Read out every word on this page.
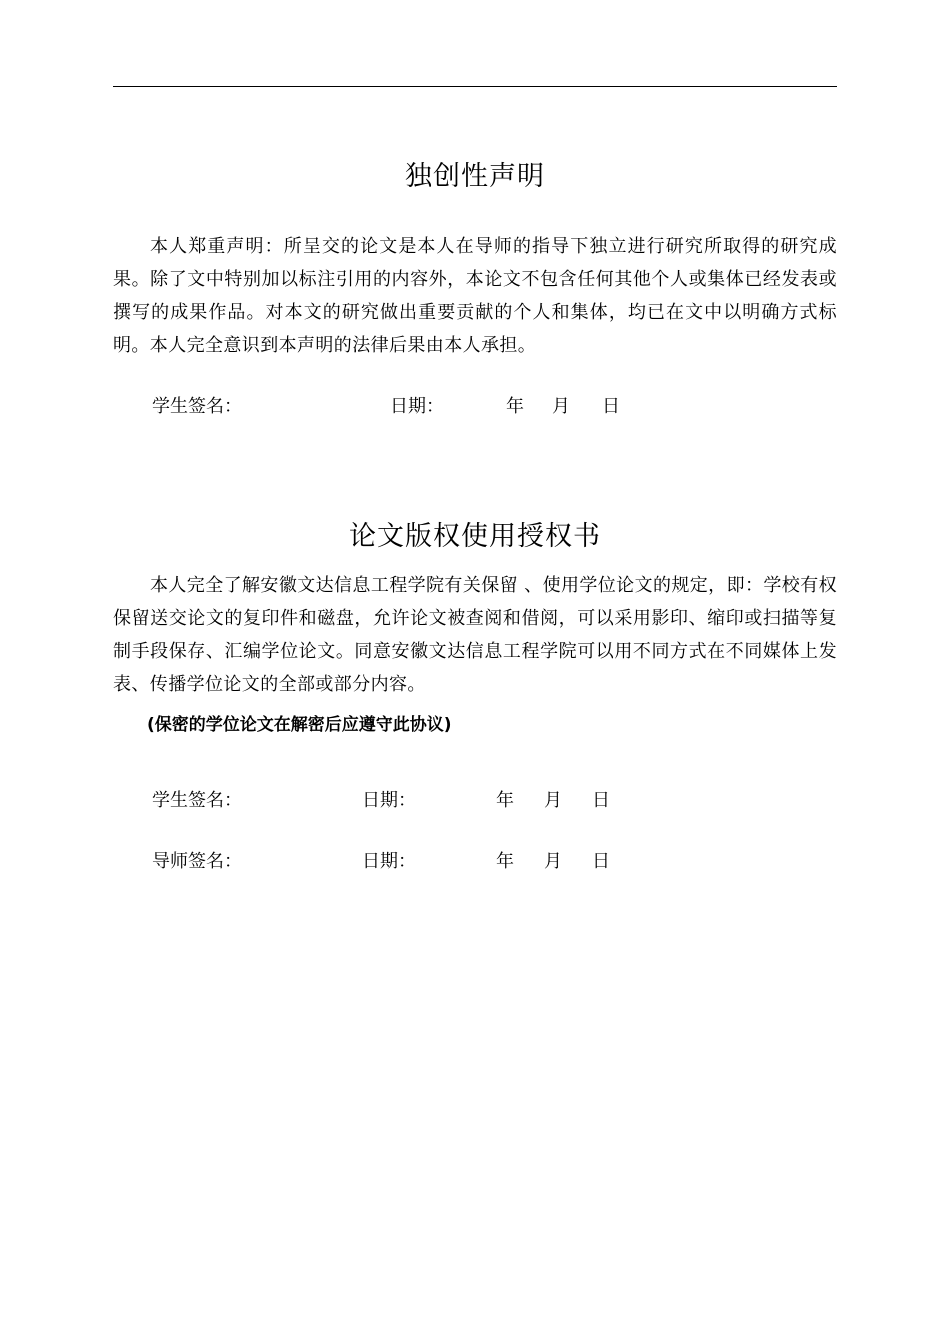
独创性声明

本人郑重声明：所呈交的论文是本人在导师的指导下独立进行研究所取得的研究成果。除了文中特别加以标注引用的内容外，本论文不包含任何其他个人或集体已经发表或撰写的成果作品。对本文的研究做出重要贡献的个人和集体，均已在文中以明确方式标明。本人完全意识到本声明的法律后果由本人承担。

学生签名：	日期：	年 月 日
论文版权使用授权书

本人完全了解安徽文达信息工程学院有关保留 、使用学位论文的规定，即：学校有权保留送交论文的复印件和磁盘，允许论文被查阅和借阅，可以采用影印、缩印或扫描等复制手段保存、汇编学位论文。同意安徽文达信息工程学院可以用不同方式在不同媒体上发表、传播学位论文的全部或部分内容。

(保密的学位论文在解密后应遵守此协议)

学生签名：	日期：	年 月 日
导师签名：	日期：	年 月 日
